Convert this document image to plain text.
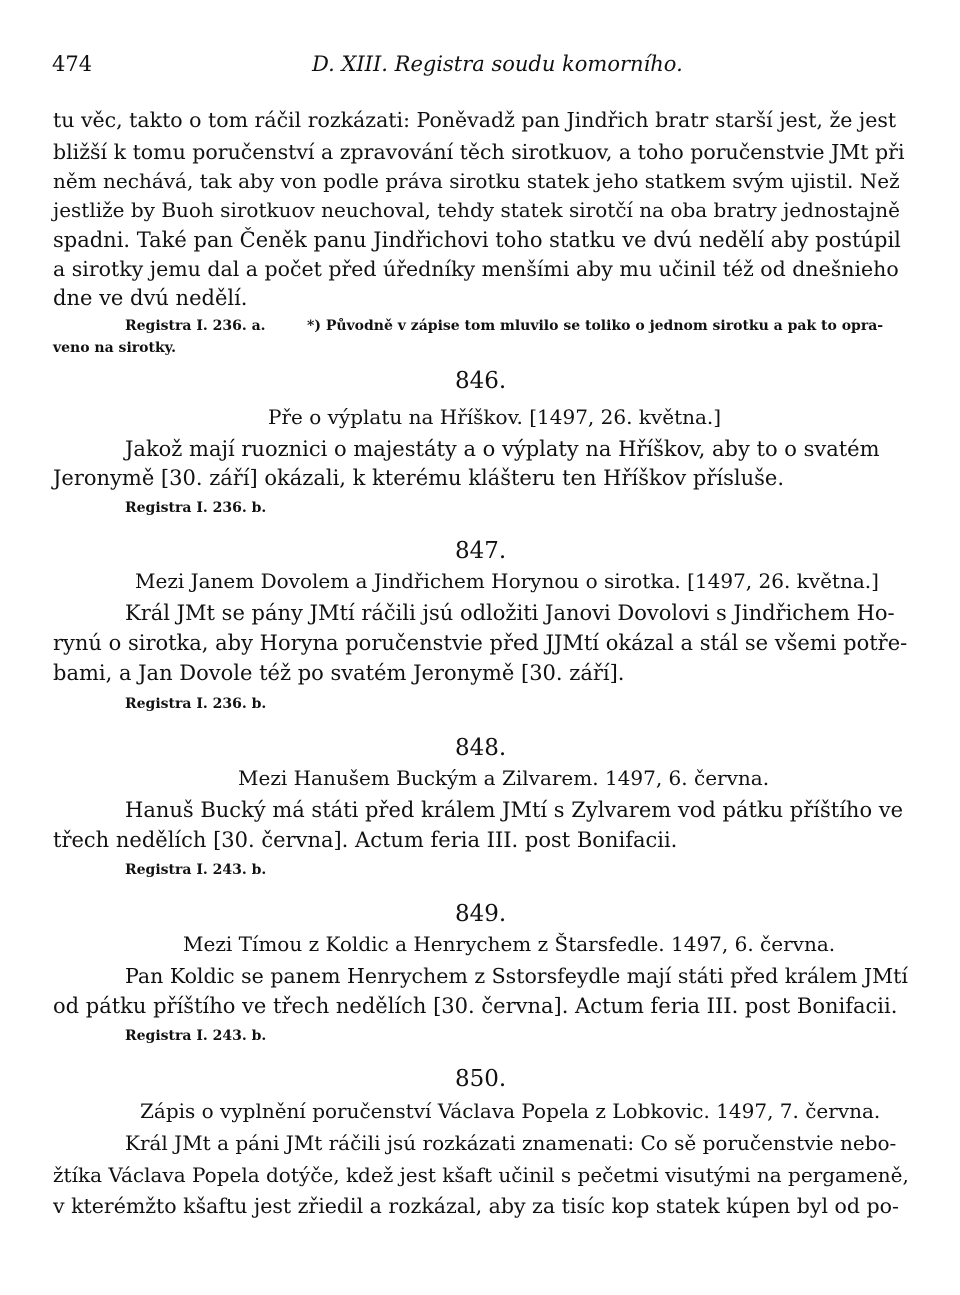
474	D. XIII. Registra soudu komorního.
tu věc, takto o tom ráčil rozkázati: Poněvadž pan Jindřich bratr starší jest, že jest
bližší k tomu poručenství a zpravování těch sirotkuov, a toho poručenstvie JMt při
něm nechává, tak aby von podle práva sirotku statek jeho statkem svým ujistil. Než
jestliže by Buoh sirotkuov neuchoval, tehdy statek sirotčí na oba bratry jednostajně
spadni. Také pan Čeněk panu Jindřichovi toho statku ve dvú nedělí aby postúpil
a sirotky jemu dal a počet před úředníky menšími aby mu učinil též od dnešnieho
dne ve dvú nedělí.
Registra I. 236. a.	*) Původně v zápise tom mluvilo se toliko o jednom sirotku a pak to opra-
veno na sirotky.
846.
Pře o výplatu na Hříškov. [1497, 26. května.]
Jakož mají ruoznici o majestáty a o výplaty na Hříškov, aby to o svatém
Jeronymě [30. září] okázali, k kterému klášteru ten Hříškov přísluše.
Registra I. 236. b.
847.
Mezi Janem Dovolem a Jindřichem Horynou o sirotka. [1497, 26. května.]
Král JMt se pány JMtí ráčili jsú odložiti Janovi Dovolovi s Jindřichem Ho-
rynú o sirotka, aby Horyna poručenstvie před JJMtí okázal a stál se všemi potře-
bami, a Jan Dovole též po svatém Jeronymě [30. září].
Registra I. 236. b.
848.
Mezi Hanušem Buckým a Zilvarem. 1497, 6. června.
Hanuš Bucký má státi před králem JMtí s Zylvarem vod pátku příštího ve
třech nedělích [30. června]. Actum feria III. post Bonifacii.
Registra I. 243. b.
849.
Mezi Tímou z Koldic a Henrychem z Štarsfedle. 1497, 6. června.
Pan Koldic se panem Henrychem z Sstorsfeydle mají státi před králem JMtí
od pátku příštího ve třech nedělích [30. června]. Actum feria III. post Bonifacii.
Registra I. 243. b.
850.
Zápis o vyplnění poručenství Václava Popela z Lobkovic. 1497, 7. června.
Král JMt a páni JMt ráčili jsú rozkázati znamenati: Co sě poručenstvie nebo-
žtíka Václava Popela dotýče, kdež jest kšaft učinil s pečetmi visutými na pergameně,
v kterémžto kšaftu jest zřiedil a rozkázal, aby za tisíc kop statek kúpen byl od po-
